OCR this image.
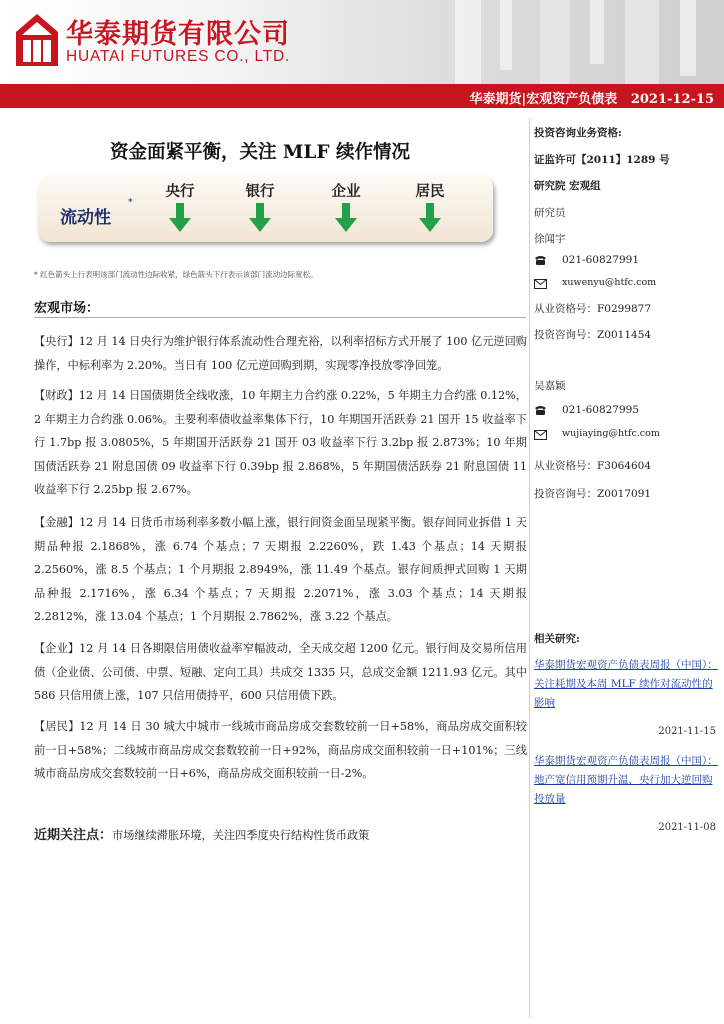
华泰期货有限公司
HUATAI FUTURES CO., LTD.
华泰期货|宏观资产负债表   2021-12-15
资金面紧平衡，关注 MLF 续作情况
流动性
*
央行	银行	企业	居民
* 红色箭头上行表明该部门流动性边际收紧，绿色箭头下行表示该部门流动边际宽松。
宏观市场：

【央行】12 月 14 日央行为维护银行体系流动性合理充裕，以利率招标方式开展了 100 亿元逆回购操作，中标利率为 2.20%。当日有 100 亿元逆回购到期，实现零净投放零净回笼。

【财政】12 月 14 日国债期货全线收涨，10 年期主力合约涨 0.22%，5 年期主力合约涨 0.12%，2 年期主力合约涨 0.06%。主要利率债收益率集体下行，10 年期国开活跃券 21 国开 15 收益率下行 1.7bp 报 3.0805%，5 年期国开活跃券 21 国开 03 收益率下行 3.2bp 报 2.873%；10 年期国债活跃券 21 附息国债 09 收益率下行 0.39bp 报 2.868%，5 年期国债活跃券 21 附息国债 11 收益率下行 2.25bp 报 2.67%。

【金融】12 月 14 日货币市场利率多数小幅上涨，银行间资金面呈现紧平衡。银存间同业拆借 1 天期品种报 2.1868%，涨 6.74 个基点；7 天期报 2.2260%，跌 1.43 个基点；14 天期报 2.2560%，涨 8.5 个基点；1 个月期报 2.8949%，涨 11.49 个基点。银存间质押式回购 1 天期品种报 2.1716%，涨 6.34 个基点；7 天期报 2.2071%，涨 3.03 个基点；14 天期报 2.2812%，涨 13.04 个基点；1 个月期报 2.7862%，涨 3.22 个基点。

【企业】12 月 14 日各期限信用债收益率窄幅波动，全天成交超 1200 亿元。银行间及交易所信用债（企业债、公司债、中票、短融、定向工具）共成交 1335 只，总成交金额 1211.93 亿元。其中 586 只信用债上涨，107 只信用债持平，600 只信用债下跌。

【居民】12 月 14 日 30 城大中城市一线城市商品房成交套数较前一日+58%，商品房成交面积较前一日+58%；二线城市商品房成交套数较前一日+92%，商品房成交面积较前一日+101%；三线城市商品房成交套数较前一日+6%，商品房成交面积较前一日-2%。

近期关注点：市场继续滞胀环境，关注四季度央行结构性货币政策
投资咨询业务资格:
证监许可【2011】1289 号
研究院 宏观组
研究员
徐闻宇
021-60827991
xuwenyu@htfc.com
从业资格号：F0299877
投资咨询号：Z0011454
吴嘉颖
021-60827995
wujiaying@htfc.com
从业资格号：F3064604
投资咨询号：Z0017091
相关研究:

华泰期货宏观资产负债表周报（中国）：关注耗期及本周 MLF 续作对流动性的影响

2021-11-15

华泰期货宏观资产负债表周报（中国）：地产宽信用预期升温，央行加大逆回购投放量

2021-11-08
